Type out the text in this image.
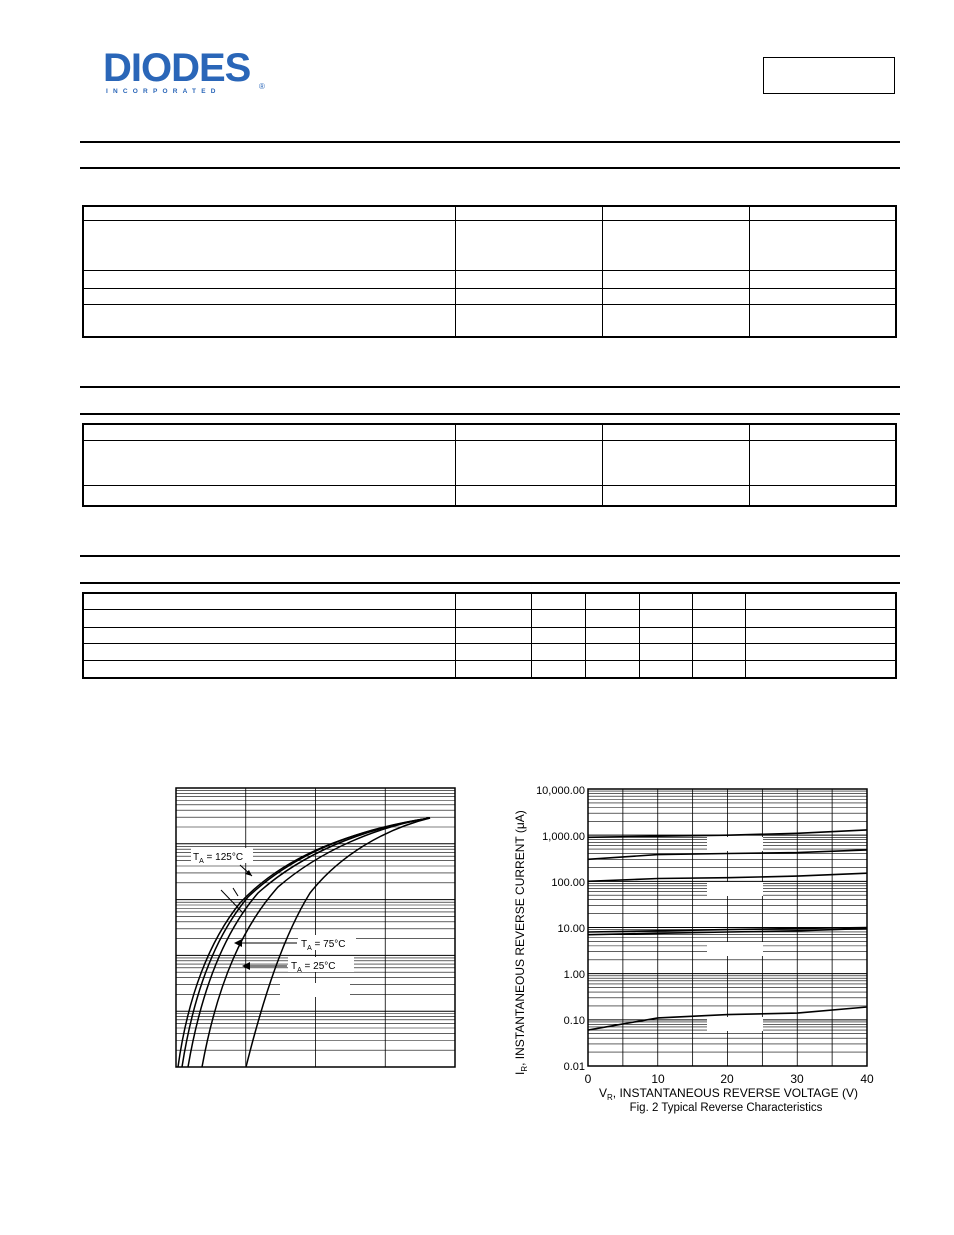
DIODES
INCORPORATED
®

$T_A = 125^\circ C$
$T_A = 75^\circ C$
$T_A = 25^\circ C$
10,000.00
1,000.00
100.00
10.00
1.00
0.10
0.01
0	10	20	30	40
$V_R$, INSTANTANEOUS REVERSE VOLTAGE (V)
Fig. 2 Typical Reverse Characteristics
$I_R$, INSTANTANEOUS REVERSE CURRENT (μA)
